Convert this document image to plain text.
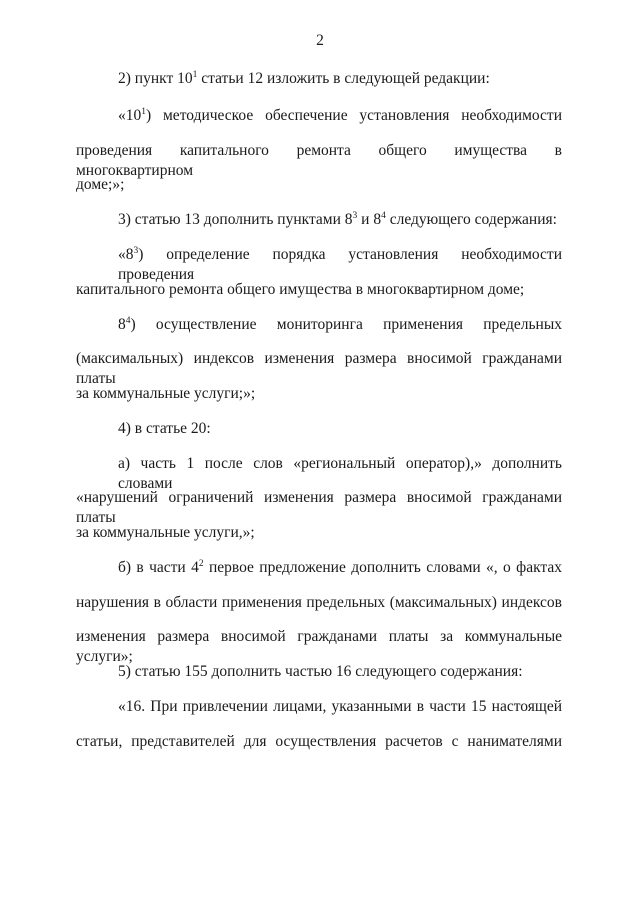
2
2) пункт $10^1$ статьи 12 изложить в следующей редакции:
«$10^1$) методическое обеспечение установления необходимости
проведения капитального ремонта общего имущества в многоквартирном
доме;»;
3) статью 13 дополнить пунктами $8^3$ и $8^4$ следующего содержания:
«$8^3$) определение порядка установления необходимости проведения
капитального ремонта общего имущества в многоквартирном доме;
$8^4$) осуществление мониторинга применения предельных
(максимальных) индексов изменения размера вносимой гражданами платы
за коммунальные услуги;»;
4) в статье 20:
а) часть 1 после слов «региональный оператор),» дополнить словами
«нарушений ограничений изменения размера вносимой гражданами платы
за коммунальные услуги,»;
б) в части $4^2$ первое предложение дополнить словами «, о фактах
нарушения в области применения предельных (максимальных) индексов
изменения размера вносимой гражданами платы за коммунальные услуги»;
5) статью 155 дополнить частью 16 следующего содержания:
«16. При привлечении лицами, указанными в части 15 настоящей
статьи, представителей для осуществления расчетов с нанимателями
